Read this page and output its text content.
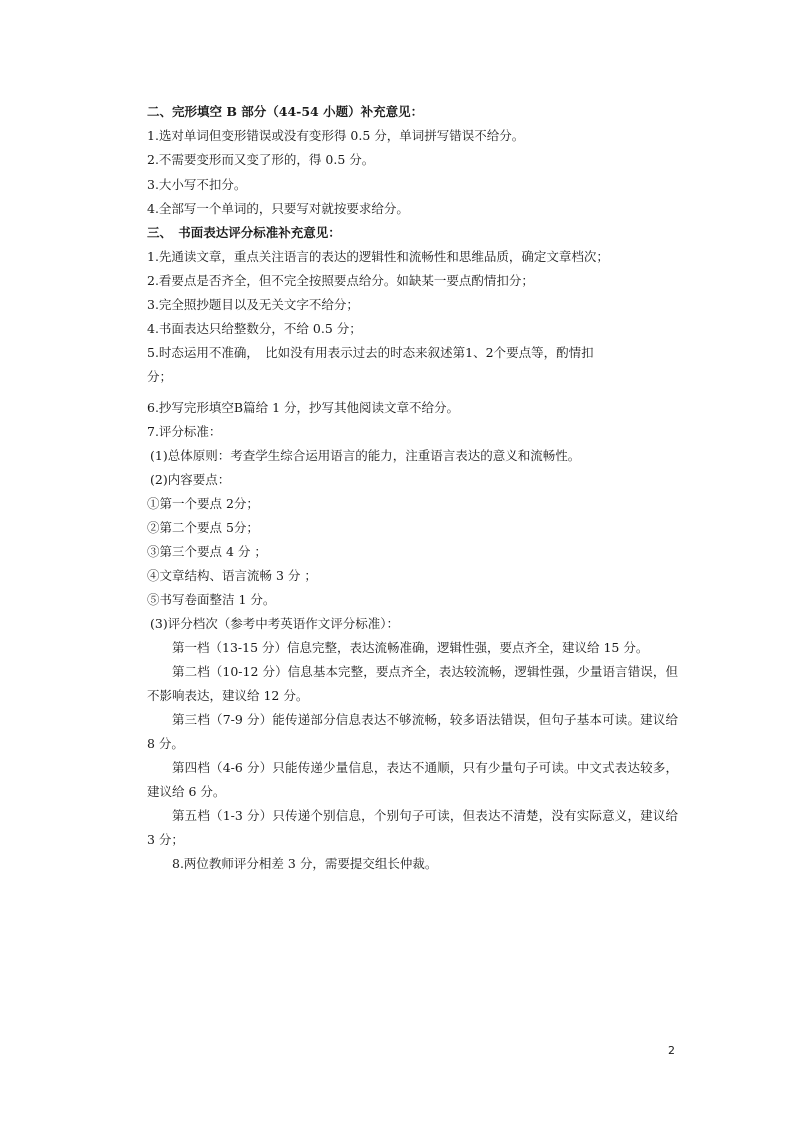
二、完形填空 B 部分（44-54 小题）补充意见：
1.选对单词但变形错误或没有变形得 0.5 分，单词拼写错误不给分。
2.不需要变形而又变了形的，得 0.5 分。
3.大小写不扣分。
4.全部写一个单词的，只要写对就按要求给分。
三、　书面表达评分标准补充意见：
1.先通读文章，重点关注语言的表达的逻辑性和流畅性和思维品质，确定文章档次；
2.看要点是否齐全，但不完全按照要点给分。如缺某一要点酌情扣分；
3.完全照抄题目以及无关文字不给分；
4.书面表达只给整数分，不给 0.5 分；
5.时态运用不准确，　比如没有用表示过去的时态来叙述第1、2个要点等，酌情扣
分；
6.抄写完形填空B篇给 1 分，抄写其他阅读文章不给分。
7.评分标准：
(1)总体原则：考查学生综合运用语言的能力，注重语言表达的意义和流畅性。
(2)内容要点：
①第一个要点 2分；
②第二个要点 5分；
③第三个要点 4 分 ；
④文章结构、语言流畅 3 分 ；
⑤书写卷面整洁 1 分。
(3)评分档次（参考中考英语作文评分标准）：
第一档（13-15 分）信息完整，表达流畅准确，逻辑性强，要点齐全，建议给 15 分。
第二档（10-12 分）信息基本完整，要点齐全，表达较流畅，逻辑性强，少量语言错误，但不影响表达，建议给 12 分。
第三档（7-9 分）能传递部分信息表达不够流畅，较多语法错误，但句子基本可读。建议给 8 分。
第四档（4-6 分）只能传递少量信息，表达不通顺，只有少量句子可读。中文式表达较多，建议给 6 分。
第五档（1-3 分）只传递个别信息，个别句子可读，但表达不清楚，没有实际意义，建议给 3 分；
8.两位教师评分相差 3 分，需要提交组长仲裁。
2
